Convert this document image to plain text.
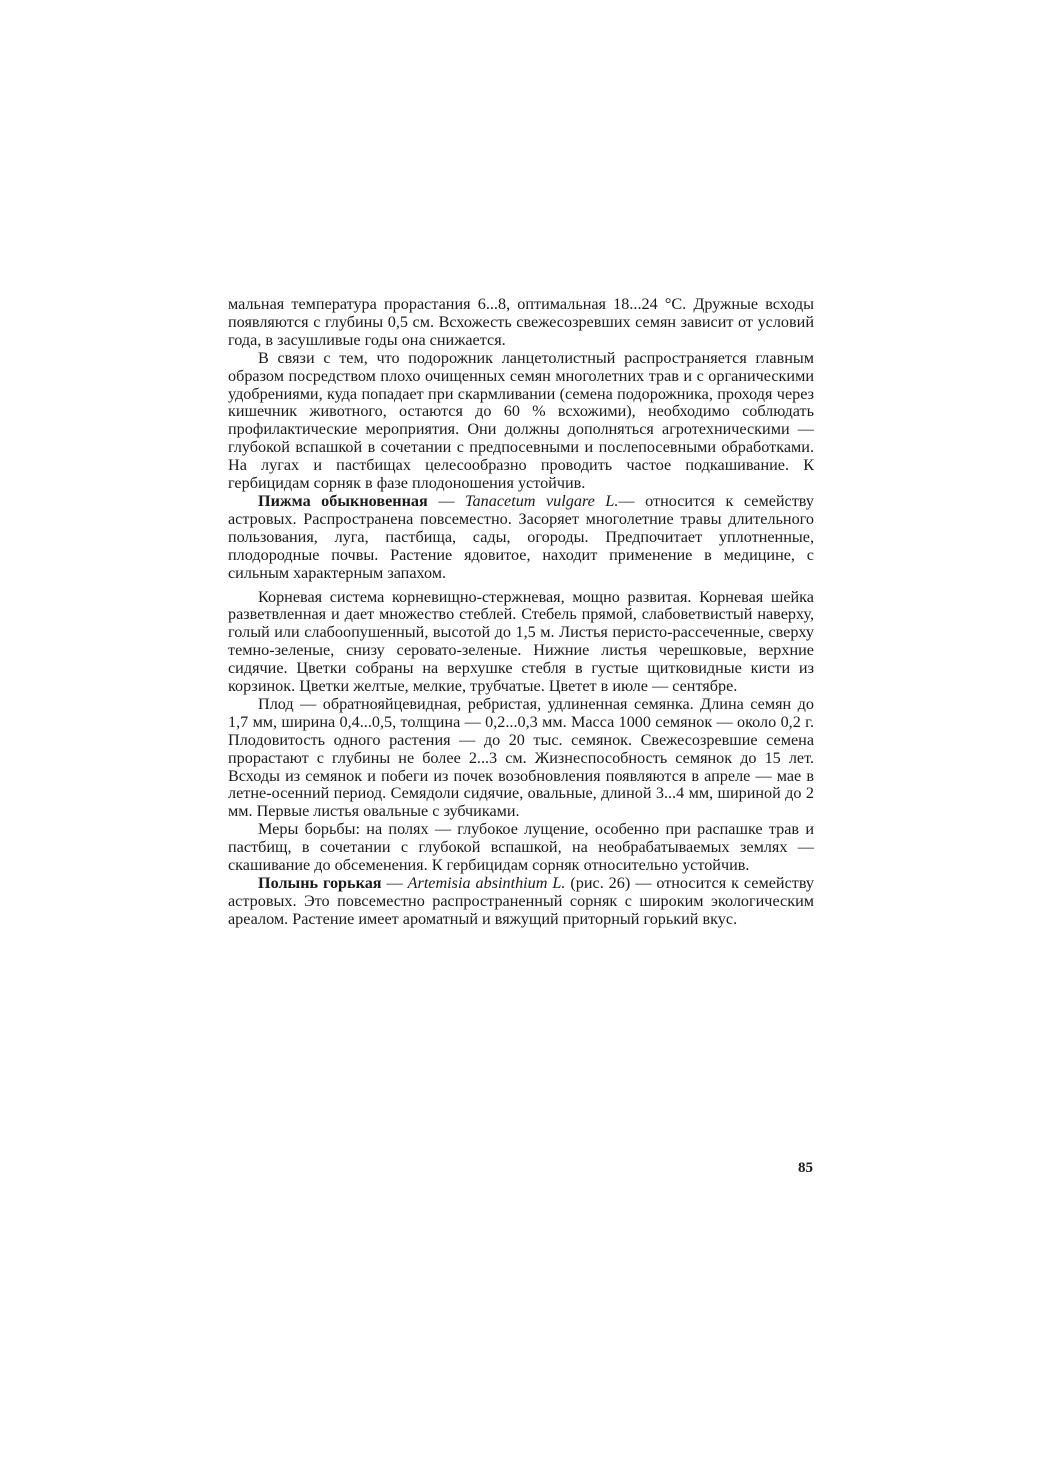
мальная температура прорастания 6...8, оптимальная 18...24 °С. Дружные всходы появляются с глубины 0,5 см. Всхожесть свежесозревших семян зависит от условий года, в засушливые годы она снижается.

В связи с тем, что подорожник ланцетолистный распространяется главным образом посредством плохо очищенных семян многолетних трав и с органическими удобрениями, куда попадает при скармливании (семена подорожника, проходя через кишечник животного, остаются до 60 % всхожими), необходимо соблюдать профилактические мероприятия. Они должны дополняться агротехническими — глубокой вспашкой в сочетании с предпосевными и послепосевными обработками. На лугах и пастбищах целесообразно проводить частое подкашивание. К гербицидам сорняк в фазе плодоношения устойчив.

Пижма обыкновенная — Tanacetum vulgare L.— относится к семейству астровых. Распространена повсеместно. Засоряет многолетние травы длительного пользования, луга, пастбища, сады, огороды. Предпочитает уплотненные, плодородные почвы. Растение ядовитое, находит применение в медицине, с сильным характерным запахом.

Корневая система корневищно-стержневая, мощно развитая. Корневая шейка разветвленная и дает множество стеблей. Стебель прямой, слабоветвистый наверху, голый или слабоопушенный, высотой до 1,5 м. Листья перисто-рассеченные, сверху темно-зеленые, снизу серовато-зеленые. Нижние листья черешковые, верхние сидячие. Цветки собраны на верхушке стебля в густые щитковидные кисти из корзинок. Цветки желтые, мелкие, трубчатые. Цветет в июле — сентябре.

Плод — обратнояйцевидная, ребристая, удлиненная семянка. Длина семян до 1,7 мм, ширина 0,4...0,5, толщина — 0,2...0,3 мм. Масса 1000 семянок — около 0,2 г. Плодовитость одного растения — до 20 тыс. семянок. Свежесозревшие семена прорастают с глубины не более 2...3 см. Жизнеспособность семянок до 15 лет. Всходы из семянок и побеги из почек возобновления появляются в апреле — мае в летне-осенний период. Семядоли сидячие, овальные, длиной 3...4 мм, шириной до 2 мм. Первые листья овальные с зубчиками.

Меры борьбы: на полях — глубокое лущение, особенно при распашке трав и пастбищ, в сочетании с глубокой вспашкой, на необрабатываемых землях — скашивание до обсеменения. К гербицидам сорняк относительно устойчив.

Полынь горькая — Artemisia absinthium L. (рис. 26) — относится к семейству астровых. Это повсеместно распространенный сорняк с широким экологическим ареалом. Растение имеет ароматный и вяжущий приторный горький вкус.

85
